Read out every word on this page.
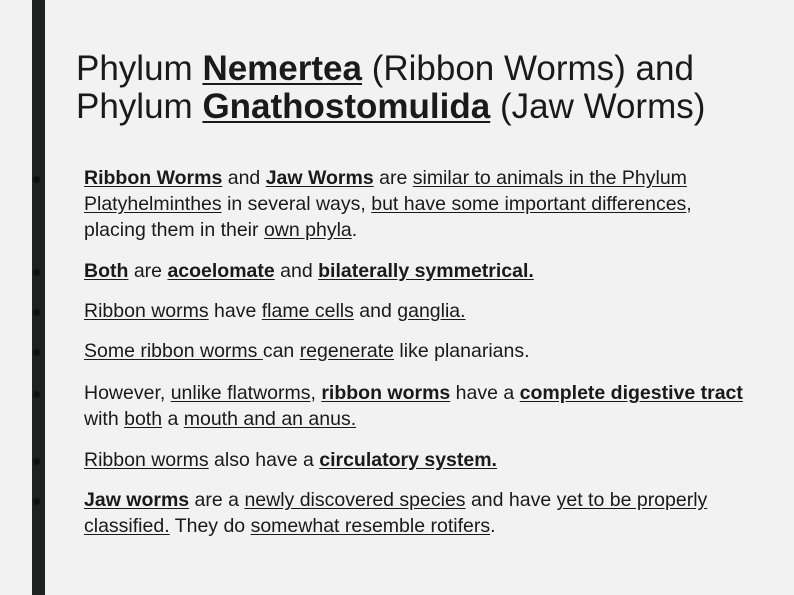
Phylum Nemertea (Ribbon Worms) and Phylum Gnathostomulida (Jaw Worms)
Ribbon Worms and Jaw Worms are similar to animals in the Phylum Platyhelminthes in several ways, but have some important differences, placing them in their own phyla.
Both are acoelomate and bilaterally symmetrical.
Ribbon worms have flame cells and ganglia.
Some ribbon worms can regenerate like planarians.
However, unlike flatworms, ribbon worms have a complete digestive tract with both a mouth and an anus.
Ribbon worms also have a circulatory system.
Jaw worms are a newly discovered species and have yet to be properly classified. They do somewhat resemble rotifers.
